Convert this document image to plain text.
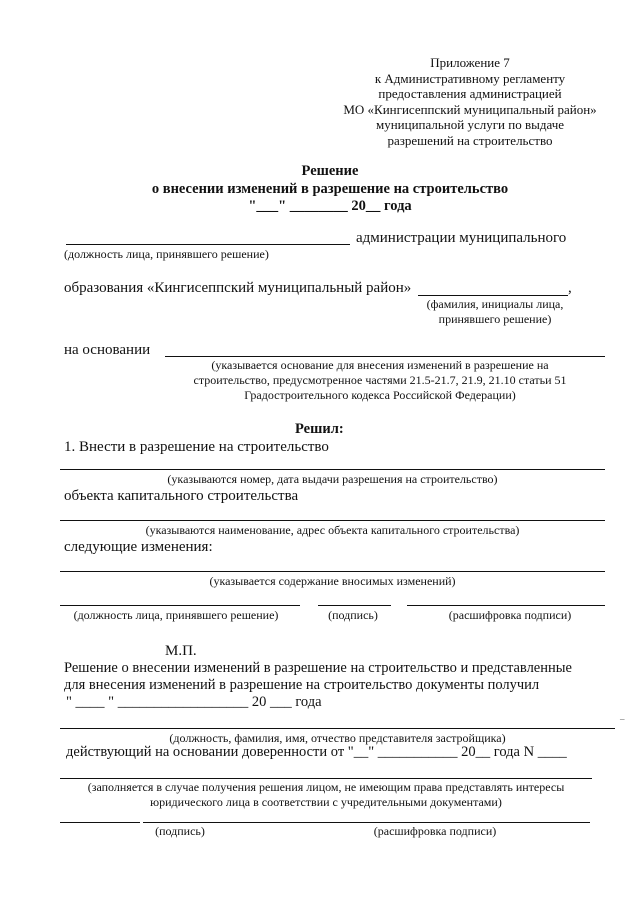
Приложение 7
к Административному регламенту
предоставления администрацией
МО «Кингисеппский муниципальный район»
муниципальной услуги по выдаче
разрешений на строительство
Решение
о внесении изменений в разрешение на строительство
"___" ________ 20__ года
администрации муниципального
(должность лица, принявшего решение)
образования «Кингисеппский муниципальный район»	,
(фамилия, инициалы лица,
принявшего решение)
на основании
(указывается основание для внесения изменений в разрешение на
строительство, предусмотренное частями 21.5-21.7, 21.9, 21.10 статьи 51
Градостроительного кодекса Российской Федерации)
Решил:
1. Внести в разрешение на строительство
(указываются номер, дата выдачи разрешения на строительство)
объекта капитального строительства
(указываются наименование, адрес объекта капитального строительства)
следующие изменения:
(указывается содержание вносимых изменений)
(должность лица, принявшего решение)	(подпись)	(расшифровка подписи)
М.П.
Решение о внесении изменений в разрешение на строительство и представленные
для внесения изменений в разрешение на строительство документы получил
" ____ " __________________ 20 ___ года
–
(должность, фамилия, имя, отчество представителя застройщика)
действующий на основании доверенности от "__" ___________ 20__ года N ____
(заполняется в случае получения решения лицом, не имеющим права представлять интересы
юридического лица в соответствии с учредительными документами)
(подпись)	(расшифровка подписи)
